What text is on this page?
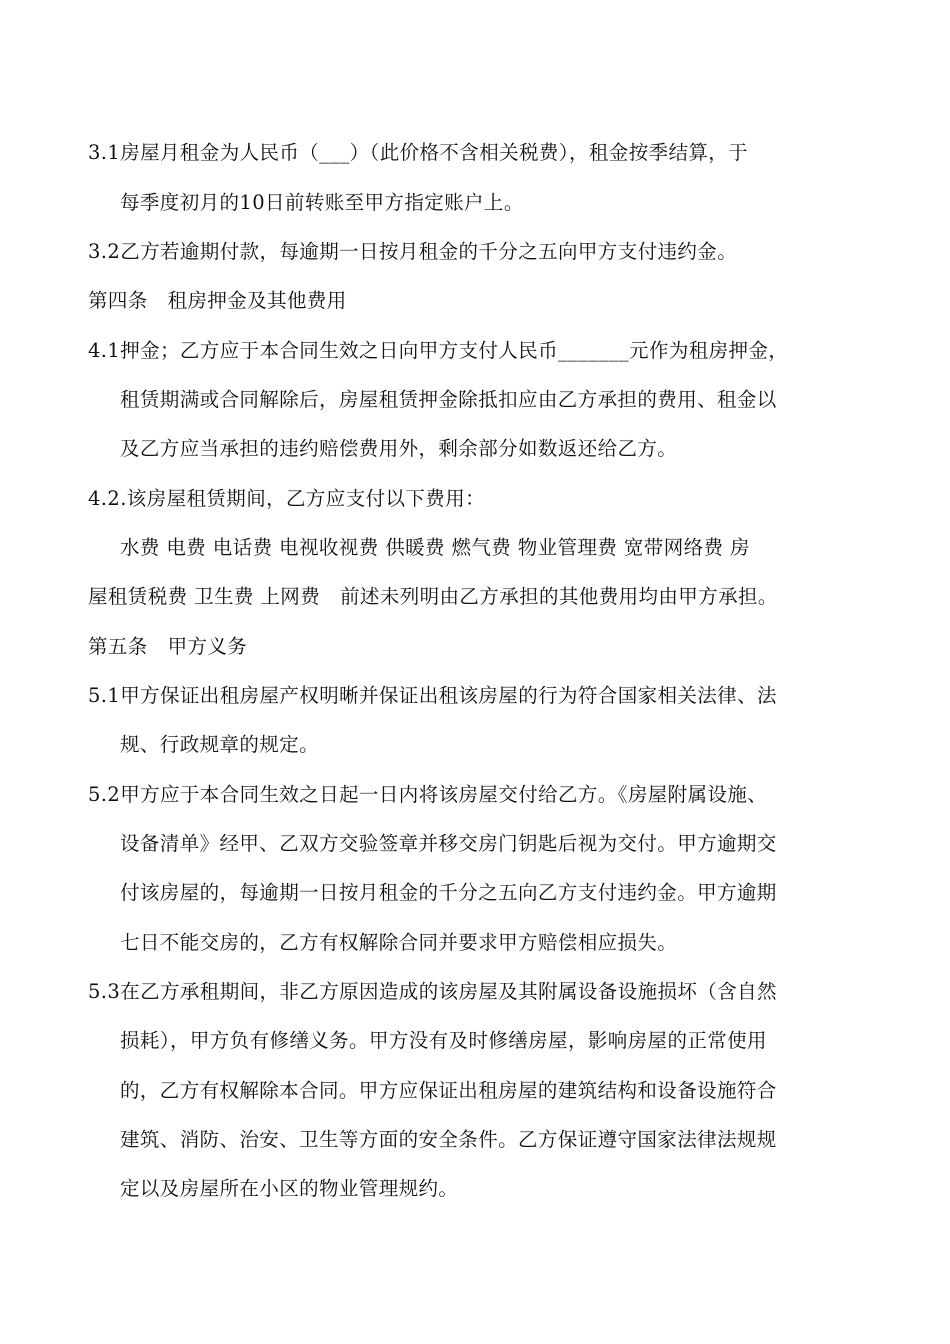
3.1房屋月租金为人民币（___）（此价格不含相关税费），租金按季结算，于
每季度初月的10日前转账至甲方指定账户上。
3.2乙方若逾期付款，每逾期一日按月租金的千分之五向甲方支付违约金。
第四条　租房押金及其他费用
4.1押金；乙方应于本合同生效之日向甲方支付人民币_______元作为租房押金，
租赁期满或合同解除后，房屋租赁押金除抵扣应由乙方承担的费用、租金以
及乙方应当承担的违约赔偿费用外，剩余部分如数返还给乙方。
4.2.该房屋租赁期间，乙方应支付以下费用：
水费 电费 电话费 电视收视费 供暖费 燃气费 物业管理费 宽带网络费 房
屋租赁税费 卫生费 上网费　前述未列明由乙方承担的其他费用均由甲方承担。
第五条　甲方义务
5.1甲方保证出租房屋产权明晰并保证出租该房屋的行为符合国家相关法律、法
规、行政规章的规定。
5.2甲方应于本合同生效之日起一日内将该房屋交付给乙方。《房屋附属设施、
设备清单》经甲、乙双方交验签章并移交房门钥匙后视为交付。甲方逾期交
付该房屋的，每逾期一日按月租金的千分之五向乙方支付违约金。甲方逾期
七日不能交房的，乙方有权解除合同并要求甲方赔偿相应损失。
5.3在乙方承租期间，非乙方原因造成的该房屋及其附属设备设施损坏（含自然
损耗），甲方负有修缮义务。甲方没有及时修缮房屋，影响房屋的正常使用
的，乙方有权解除本合同。甲方应保证出租房屋的建筑结构和设备设施符合
建筑、消防、治安、卫生等方面的安全条件。乙方保证遵守国家法律法规规
定以及房屋所在小区的物业管理规约。
